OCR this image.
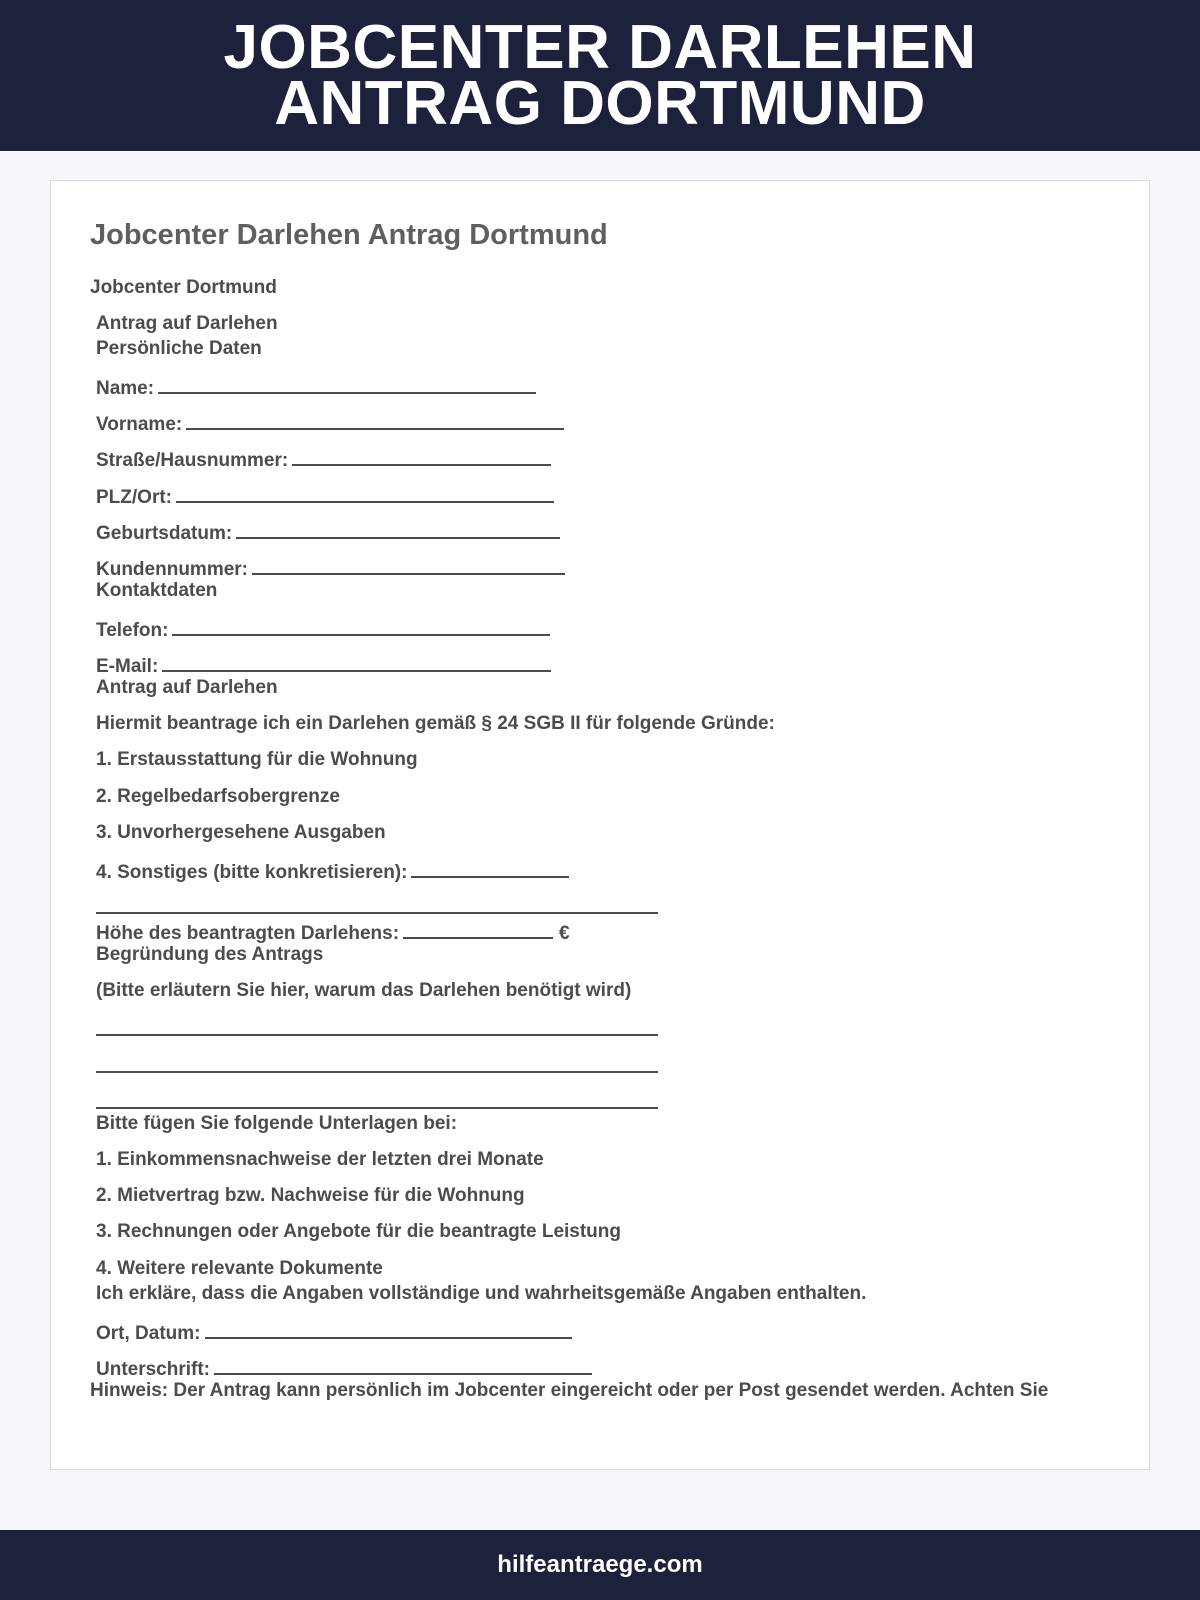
JOBCENTER DARLEHEN
ANTRAG DORTMUND
Jobcenter Darlehen Antrag Dortmund
Jobcenter Dortmund
Antrag auf Darlehen
Persönliche Daten
Name:
Vorname:
Straße/Hausnummer:
PLZ/Ort:
Geburtsdatum:
Kundennummer:
Kontaktdaten
Telefon:
E-Mail:
Antrag auf Darlehen
Hiermit beantrage ich ein Darlehen gemäß § 24 SGB II für folgende Gründe:
1. Erstausstattung für die Wohnung
2. Regelbedarfsobergrenze
3. Unvorhergesehene Ausgaben
4. Sonstiges (bitte konkretisieren):
Höhe des beantragten Darlehens:	€
Begründung des Antrags
(Bitte erläutern Sie hier, warum das Darlehen benötigt wird)
Bitte fügen Sie folgende Unterlagen bei:
1. Einkommensnachweise der letzten drei Monate
2. Mietvertrag bzw. Nachweise für die Wohnung
3. Rechnungen oder Angebote für die beantragte Leistung
4. Weitere relevante Dokumente
Ich erkläre, dass die Angaben vollständige und wahrheitsgemäße Angaben enthalten.
Ort, Datum:
Unterschrift:
Hinweis: Der Antrag kann persönlich im Jobcenter eingereicht oder per Post gesendet werden. Achten Sie
hilfeantraege.com
